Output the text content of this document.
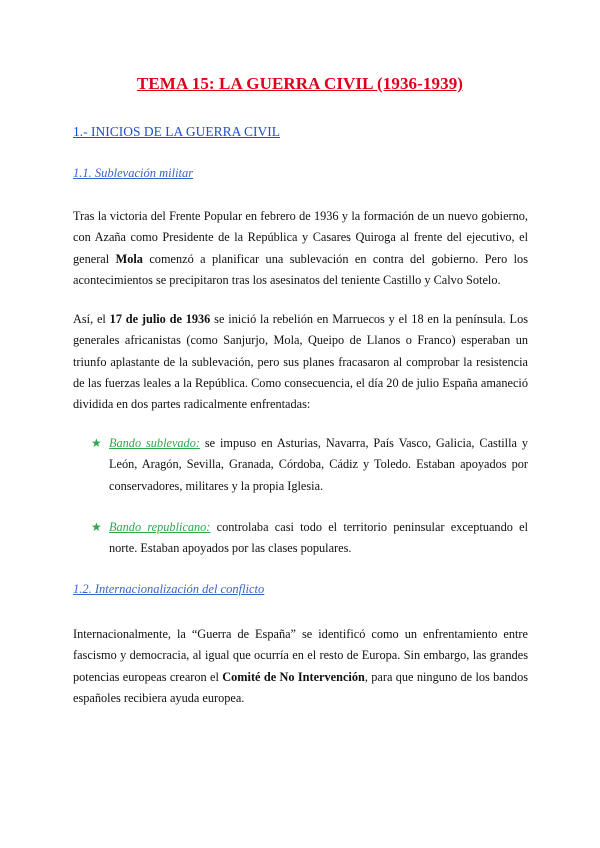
TEMA 15: LA GUERRA CIVIL (1936-1939)
1.- INICIOS DE LA GUERRA CIVIL
1.1. Sublevación militar
Tras la victoria del Frente Popular en febrero de 1936 y la formación de un nuevo gobierno, con Azaña como Presidente de la República y Casares Quiroga al frente del ejecutivo, el general Mola comenzó a planificar una sublevación en contra del gobierno. Pero los acontecimientos se precipitaron tras los asesinatos del teniente Castillo y Calvo Sotelo.
Así, el 17 de julio de 1936 se inició la rebelión en Marruecos y el 18 en la península. Los generales africanistas (como Sanjurjo, Mola, Queipo de Llanos o Franco) esperaban un triunfo aplastante de la sublevación, pero sus planes fracasaron al comprobar la resistencia de las fuerzas leales a la República. Como consecuencia, el día 20 de julio España amaneció dividida en dos partes radicalmente enfrentadas:
★ Bando sublevado: se impuso en Asturias, Navarra, País Vasco, Galicia, Castilla y León, Aragón, Sevilla, Granada, Córdoba, Cádiz y Toledo. Estaban apoyados por conservadores, militares y la propia Iglesia.
★ Bando republicano: controlaba casi todo el territorio peninsular exceptuando el norte. Estaban apoyados por las clases populares.
1.2. Internacionalización del conflicto
Internacionalmente, la “Guerra de España” se identificó como un enfrentamiento entre fascismo y democracia, al igual que ocurría en el resto de Europa. Sin embargo, las grandes potencias europeas crearon el Comité de No Intervención, para que ninguno de los bandos españoles recibiera ayuda europea.
